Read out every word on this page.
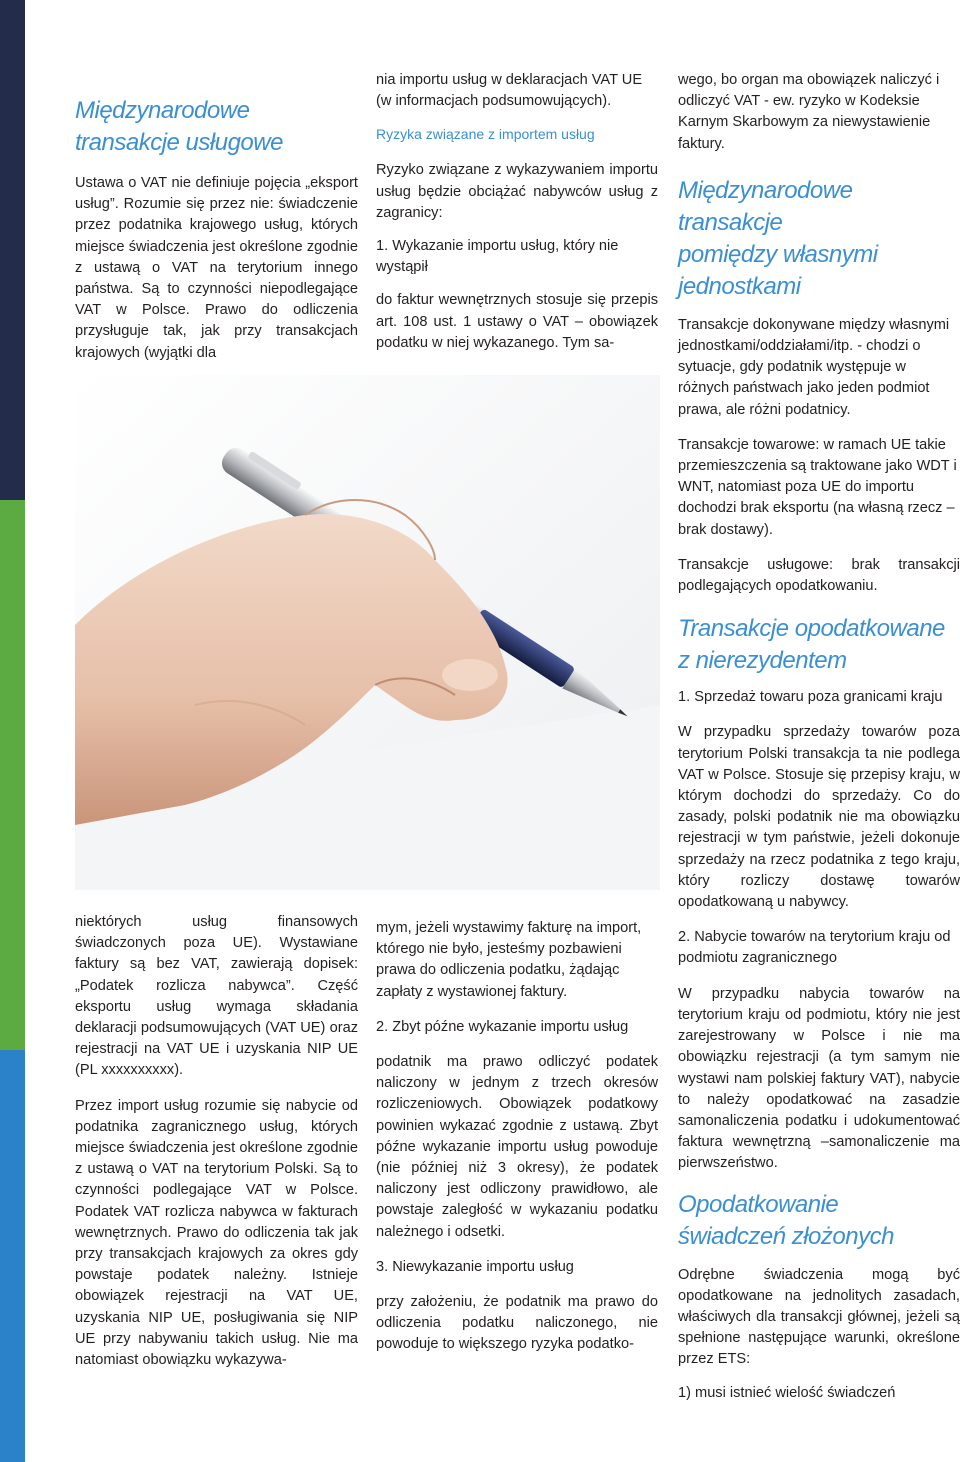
Międzynarodowe
transakcje usługowe

Ustawa o VAT nie definiuje pojęcia „eksport usług”. Rozumie się przez nie: świadczenie przez podatnika krajowego usług, których miejsce świadczenia jest określone zgodnie z ustawą o VAT na terytorium innego państwa. Są to czynności niepodlegające VAT w Polsce. Prawo do odliczenia przysługuje tak, jak przy transakcjach krajowych (wyjątki dla

nia importu usług w deklaracjach VAT UE (w informacjach podsumowujących).

Ryzyka związane z importem usług

Ryzyko związane z wykazywaniem importu usług będzie obciążać nabywców usług z zagranicy:

1. Wykazanie importu usług, który nie wystąpił

do faktur wewnętrznych stosuje się przepis art. 108 ust. 1 ustawy o VAT – obowiązek podatku w niej wykazanego. Tym sa-

wego, bo organ ma obowiązek naliczyć i odliczyć VAT - ew. ryzyko w Kodeksie Karnym Skarbowym za niewystawienie faktury.

Międzynarodowe transakcje
pomiędzy własnymi jednostkami

Transakcje dokonywane między własnymi jednostkami/oddziałami/itp. - chodzi o sytuacje, gdy podatnik występuje w różnych państwach jako jeden podmiot prawa, ale różni podatnicy.

Transakcje towarowe: w ramach UE takie przemieszczenia są traktowane jako WDT i WNT, natomiast poza UE do importu dochodzi brak eksportu (na własną rzecz – brak dostawy).

Transakcje usługowe: brak transakcji podlegających opodatkowaniu.

Transakcje opodatkowane
z nierezydentem

1. Sprzedaż towaru poza granicami kraju

W przypadku sprzedaży towarów poza terytorium Polski transakcja ta nie podlega VAT w Polsce. Stosuje się przepisy kraju, w którym dochodzi do sprzedaży. Co do zasady, polski podatnik nie ma obowiązku rejestracji w tym państwie, jeżeli dokonuje sprzedaży na rzecz podatnika z tego kraju, który rozliczy dostawę towarów opodatkowaną u nabywcy.

2. Nabycie towarów na terytorium kraju od podmiotu zagranicznego

W przypadku nabycia towarów na terytorium kraju od podmiotu, który nie jest zarejestrowany w Polsce i nie ma obowiązku rejestracji (a tym samym nie wystawi nam polskiej faktury VAT), nabycie to należy opodatkować na zasadzie samonaliczenia podatku i udokumentować faktura wewnętrzną –samonaliczenie ma pierwszeństwo.

Opodatkowanie
świadczeń złożonych

Odrębne świadczenia mogą być opodatkowane na jednolitych zasadach, właściwych dla transakcji głównej, jeżeli są spełnione następujące warunki, określone przez ETS:

1) musi istnieć wielość świadczeń

niektórych usług finansowych świadczonych poza UE). Wystawiane faktury są bez VAT, zawierają dopisek: „Podatek rozlicza nabywca”. Część eksportu usług wymaga składania deklaracji podsumowujących (VAT UE) oraz rejestracji na VAT UE i uzyskania NIP UE (PL xxxxxxxxxx).

Przez import usług rozumie się nabycie od podatnika zagranicznego usług, których miejsce świadczenia jest określone zgodnie z ustawą o VAT na terytorium Polski. Są to czynności podlegające VAT w Polsce. Podatek VAT rozlicza nabywca w fakturach wewnętrznych. Prawo do odliczenia tak jak przy transakcjach krajowych za okres gdy powstaje podatek należny. Istnieje obowiązek rejestracji na VAT UE, uzyskania NIP UE, posługiwania się NIP UE przy nabywaniu takich usług. Nie ma natomiast obowiązku wykazywa-

mym, jeżeli wystawimy fakturę na import, którego nie było, jesteśmy pozbawieni prawa do odliczenia podatku, żądając zapłaty z wystawionej faktury.

2. Zbyt późne wykazanie importu usług

podatnik ma prawo odliczyć podatek naliczony w jednym z trzech okresów rozliczeniowych. Obowiązek podatkowy powinien wykazać zgodnie z ustawą. Zbyt późne wykazanie importu usług powoduje (nie później niż 3 okresy), że podatek naliczony jest odliczony prawidłowo, ale powstaje zaległość w wykazaniu podatku należnego i odsetki.

3. Niewykazanie importu usług

przy założeniu, że podatnik ma prawo do odliczenia podatku naliczonego, nie powoduje to większego ryzyka podatko-
